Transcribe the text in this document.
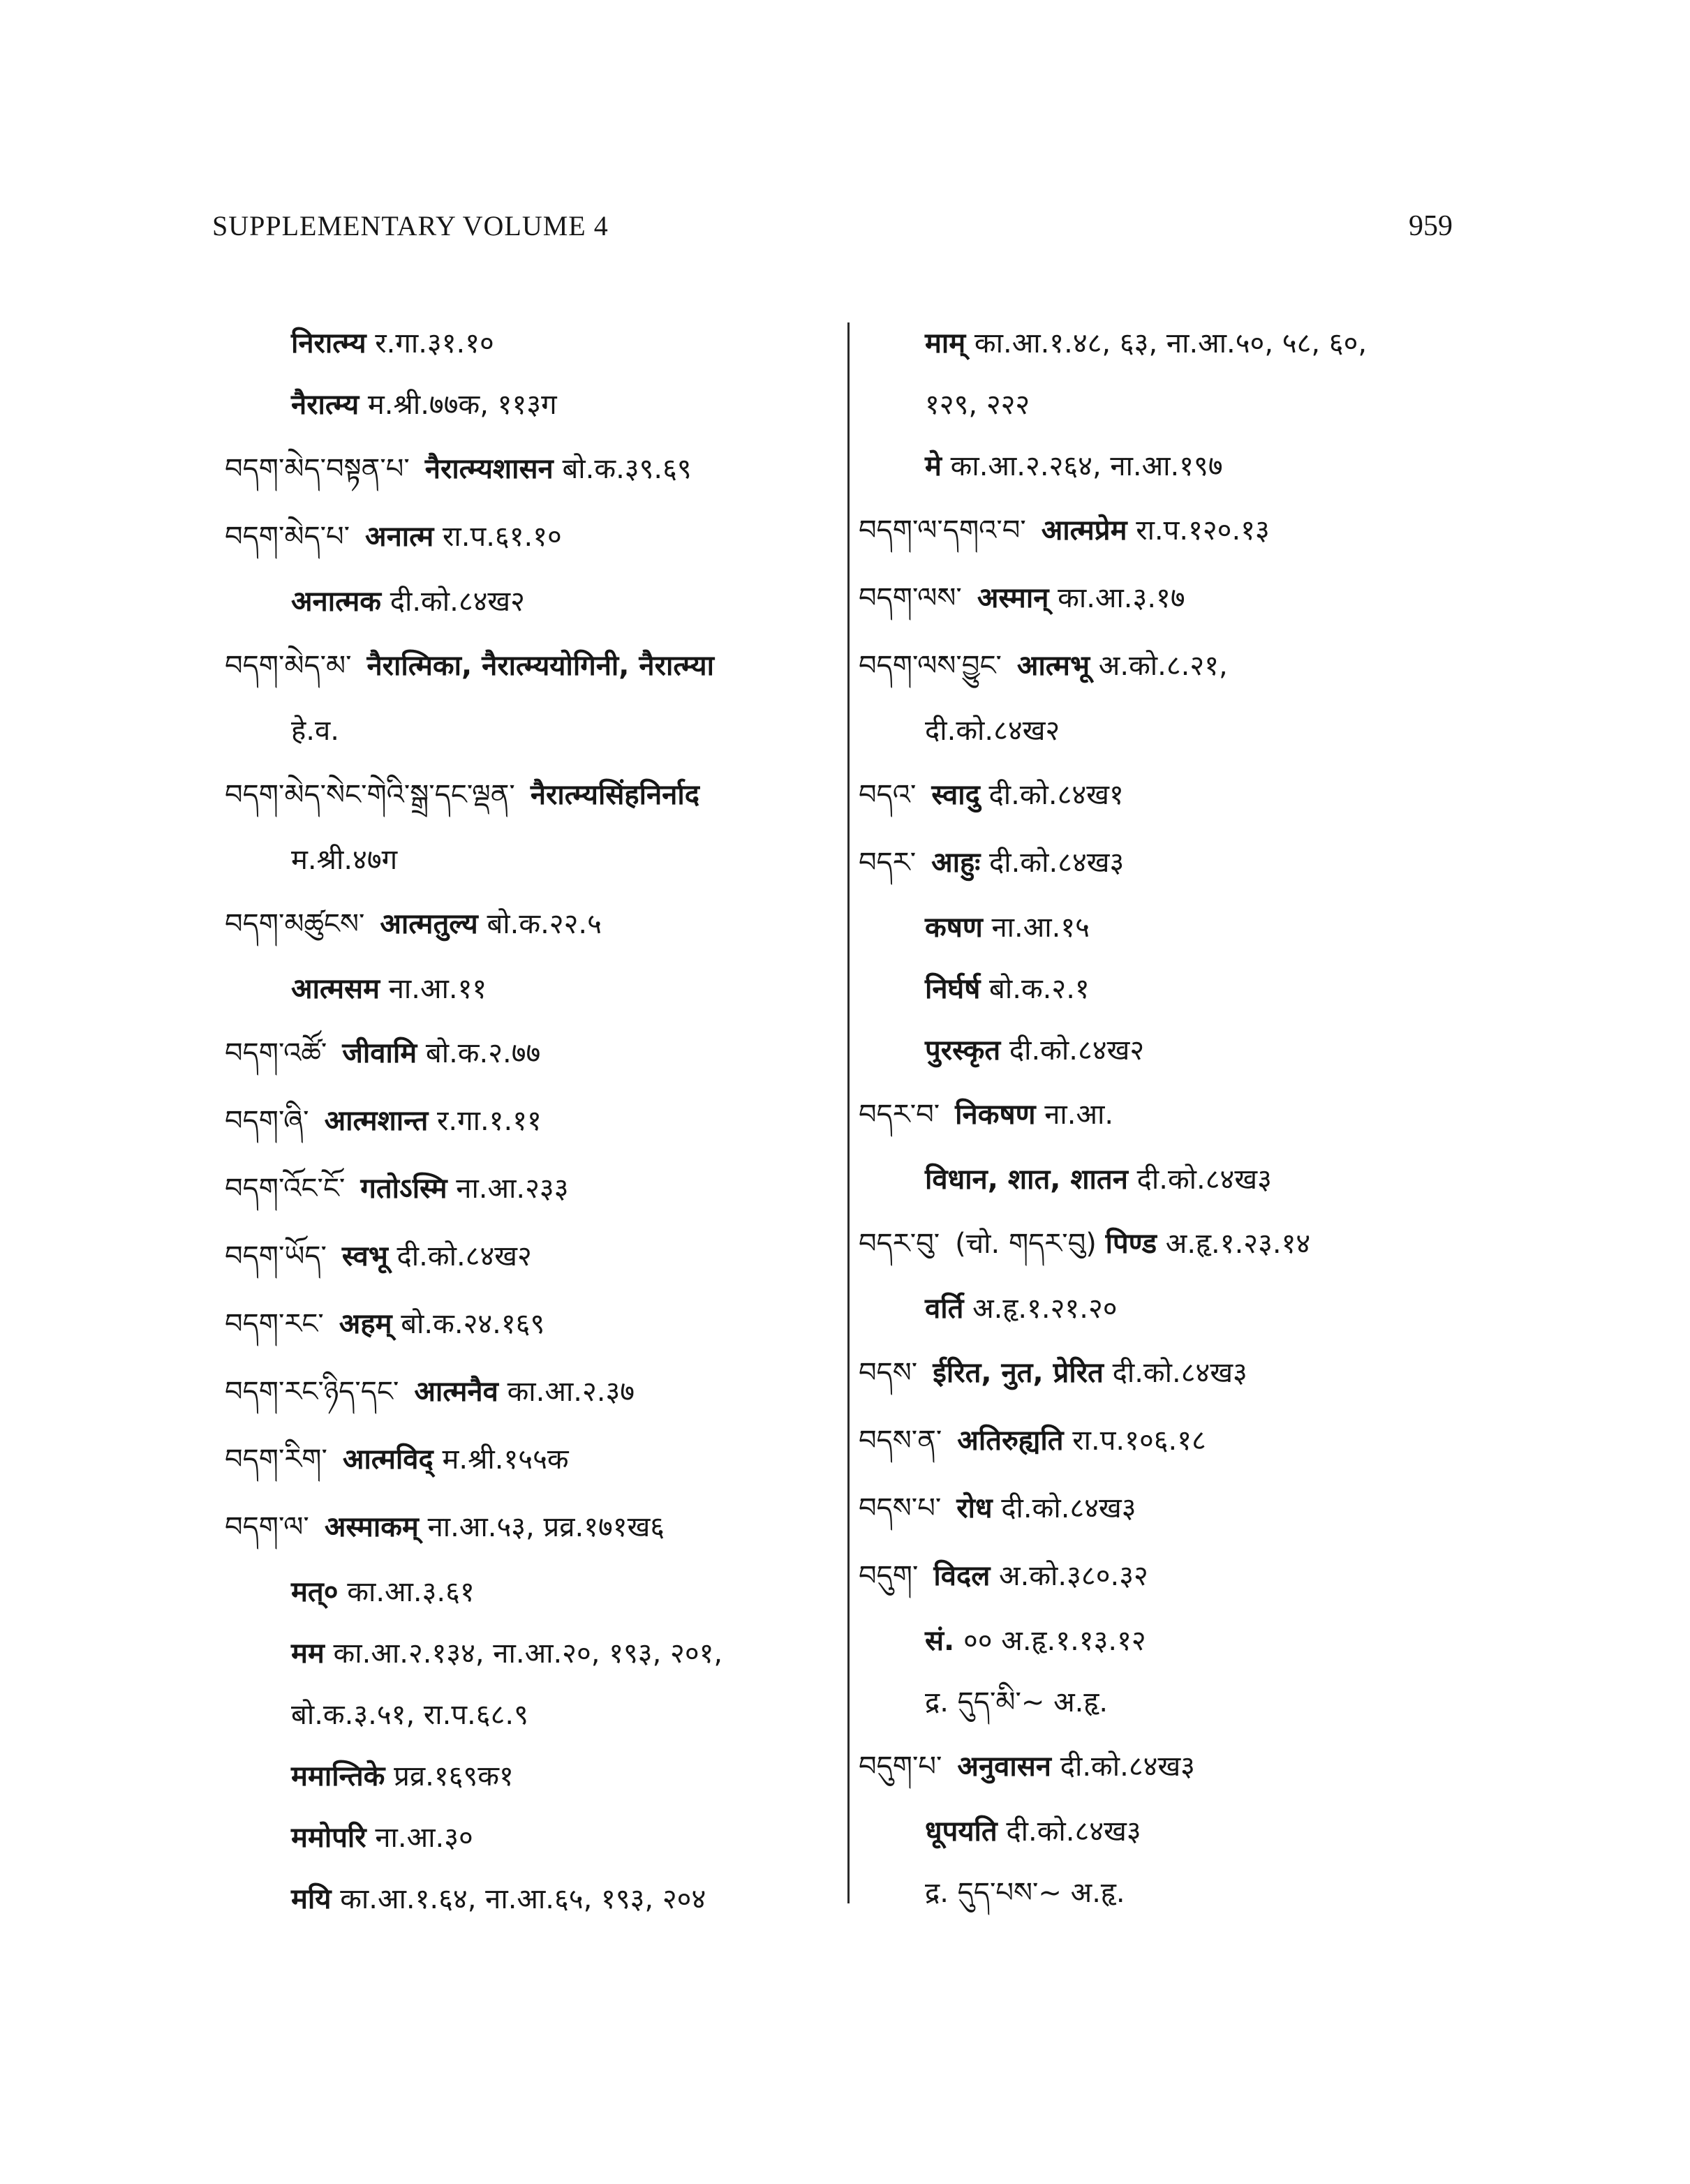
SUPPLEMENTARY VOLUME 4	959
निरात्म्य र.गा.३१.१०
नैरात्म्य म.श्री.७७क, ११३ग
བདག་མེད་བསྟན་པ་ नैरात्म्यशासन बो.क.३९.६९
བདག་མེད་པ་ अनात्म रा.प.६१.१०
अनात्मक दी.को.८४ख२
བདག་མེད་མ་ नैरात्मिका, नैरात्म्ययोगिनी, नैरात्म्या
हे.व.
བདག་མེད་སེང་གེའི་སྒྲ་དང་ལྡན་ नैरात्म्यसिंहनिर्नाद
म.श्री.४७ग
བདག་མཚུངས་ आत्मतुल्य बो.क.२२.५
आत्मसम ना.आ.११
བདག་འཚོ་ जीवामि बो.क.२.७७
བདག་ཞི་ आत्मशान्त र.गा.१.११
བདག་འོང་ངོ་ गतोऽस्मि ना.आ.२३३
བདག་ཡོད་ स्वभू दी.को.८४ख२
བདག་རང་ अहम् बो.क.२४.१६९
བདག་རང་ཉིད་དང་ आत्मनैव का.आ.२.३७
བདག་རིག་ आत्मविद् म.श्री.१५५क
བདག་ལ་ अस्माकम् ना.आ.५३, प्रव्र.१७१ख६
मत्० का.आ.३.६१
मम का.आ.२.१३४, ना.आ.२०, १९३, २०१,
बो.क.३.५१, रा.प.६८.९
ममान्तिके प्रव्र.१६९क१
ममोपरि ना.आ.३०
मयि का.आ.१.६४, ना.आ.६५, १९३, २०४
माम् का.आ.१.४८, ६३, ना.आ.५०, ५८, ६०,
१२९, २२२
मे का.आ.२.२६४, ना.आ.१९७
བདག་ལ་དགའ་བ་ आत्मप्रेम रा.प.१२०.१३
བདག་ལས་ अस्मान् का.आ.३.१७
བདག་ལས་བྱུང་ आत्मभू अ.को.८.२१,
दी.को.८४ख२
བདའ་ स्वादु दी.को.८४ख१
བདར་ आहुः दी.को.८४ख३
कषण ना.आ.१५
निर्घर्ष बो.क.२.१
पुरस्कृत दी.को.८४ख२
བདར་བ་ निकषण ना.आ.
विधान, शात, शातन दी.को.८४ख३
བདར་བུ་ (चो. གདར་བུ) पिण्ड अ.हृ.१.२३.१४
वर्ति अ.हृ.१.२१.२०
བདས་ ईरित, नुत, प्रेरित दी.को.८४ख३
བདས་ན་ अतिरुह्यति रा.प.१०६.१८
བདས་པ་ रोध दी.को.८४ख३
བདུག་ विदल अ.को.३८०.३२
सं. ०० अ.हृ.१.१३.१२
द्र. དུད་མི་~ अ.हृ.
བདུག་པ་ अनुवासन दी.को.८४ख३
धूपयति दी.को.८४ख३
द्र. དུད་པས་~ अ.हृ.
